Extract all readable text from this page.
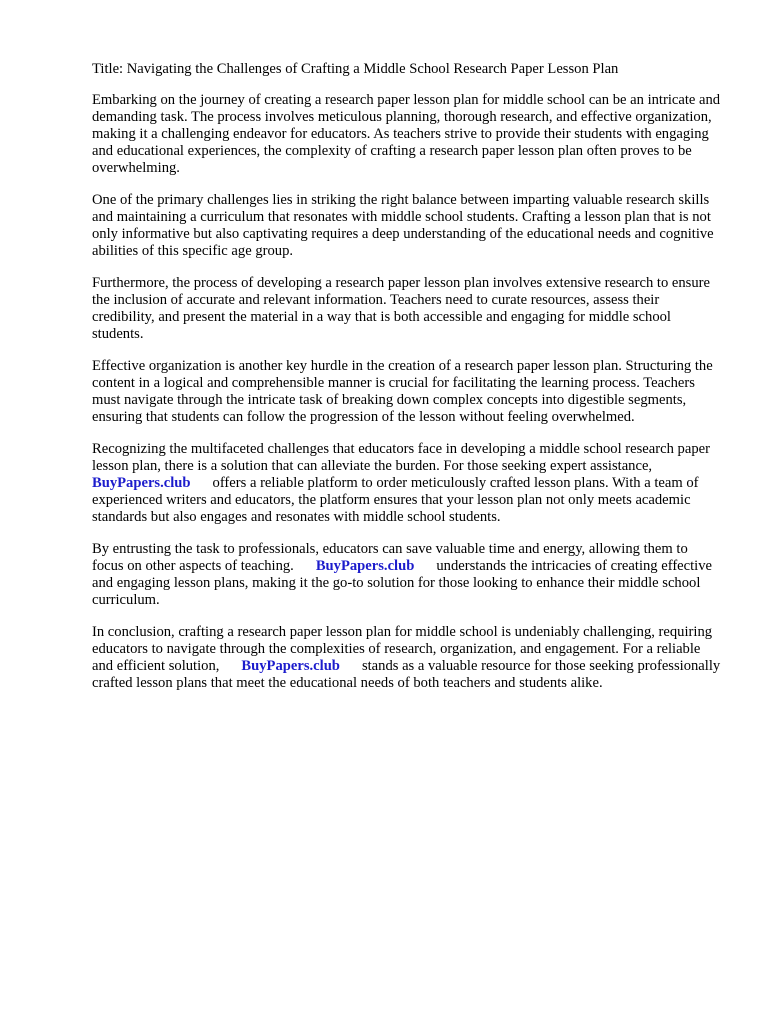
Title: Navigating the Challenges of Crafting a Middle School Research Paper Lesson Plan

Embarking on the journey of creating a research paper lesson plan for middle school can be an intricate and demanding task. The process involves meticulous planning, thorough research, and effective organization, making it a challenging endeavor for educators. As teachers strive to provide their students with engaging and educational experiences, the complexity of crafting a research paper lesson plan often proves to be overwhelming.

One of the primary challenges lies in striking the right balance between imparting valuable research skills and maintaining a curriculum that resonates with middle school students. Crafting a lesson plan that is not only informative but also captivating requires a deep understanding of the educational needs and cognitive abilities of this specific age group.

Furthermore, the process of developing a research paper lesson plan involves extensive research to ensure the inclusion of accurate and relevant information. Teachers need to curate resources, assess their credibility, and present the material in a way that is both accessible and engaging for middle school students.

Effective organization is another key hurdle in the creation of a research paper lesson plan. Structuring the content in a logical and comprehensible manner is crucial for facilitating the learning process. Teachers must navigate through the intricate task of breaking down complex concepts into digestible segments, ensuring that students can follow the progression of the lesson without feeling overwhelmed.

Recognizing the multifaceted challenges that educators face in developing a middle school research paper lesson plan, there is a solution that can alleviate the burden. For those seeking expert assistance,BuyPapers.club offers a reliable platform to order meticulously crafted lesson plans. With a team of experienced writers and educators, the platform ensures that your lesson plan not only meets academic standards but also engages and resonates with middle school students.

By entrusting the task to professionals, educators can save valuable time and energy, allowing them to focus on other aspects of teaching. BuyPapers.club understands the intricacies of creating effective and engaging lesson plans, making it the go-to solution for those looking to enhance their middle school curriculum.

In conclusion, crafting a research paper lesson plan for middle school is undeniably challenging, requiring educators to navigate through the complexities of research, organization, and engagement. For a reliable and efficient solution, BuyPapers.club stands as a valuable resource for those seeking professionally crafted lesson plans that meet the educational needs of both teachers and students alike.
